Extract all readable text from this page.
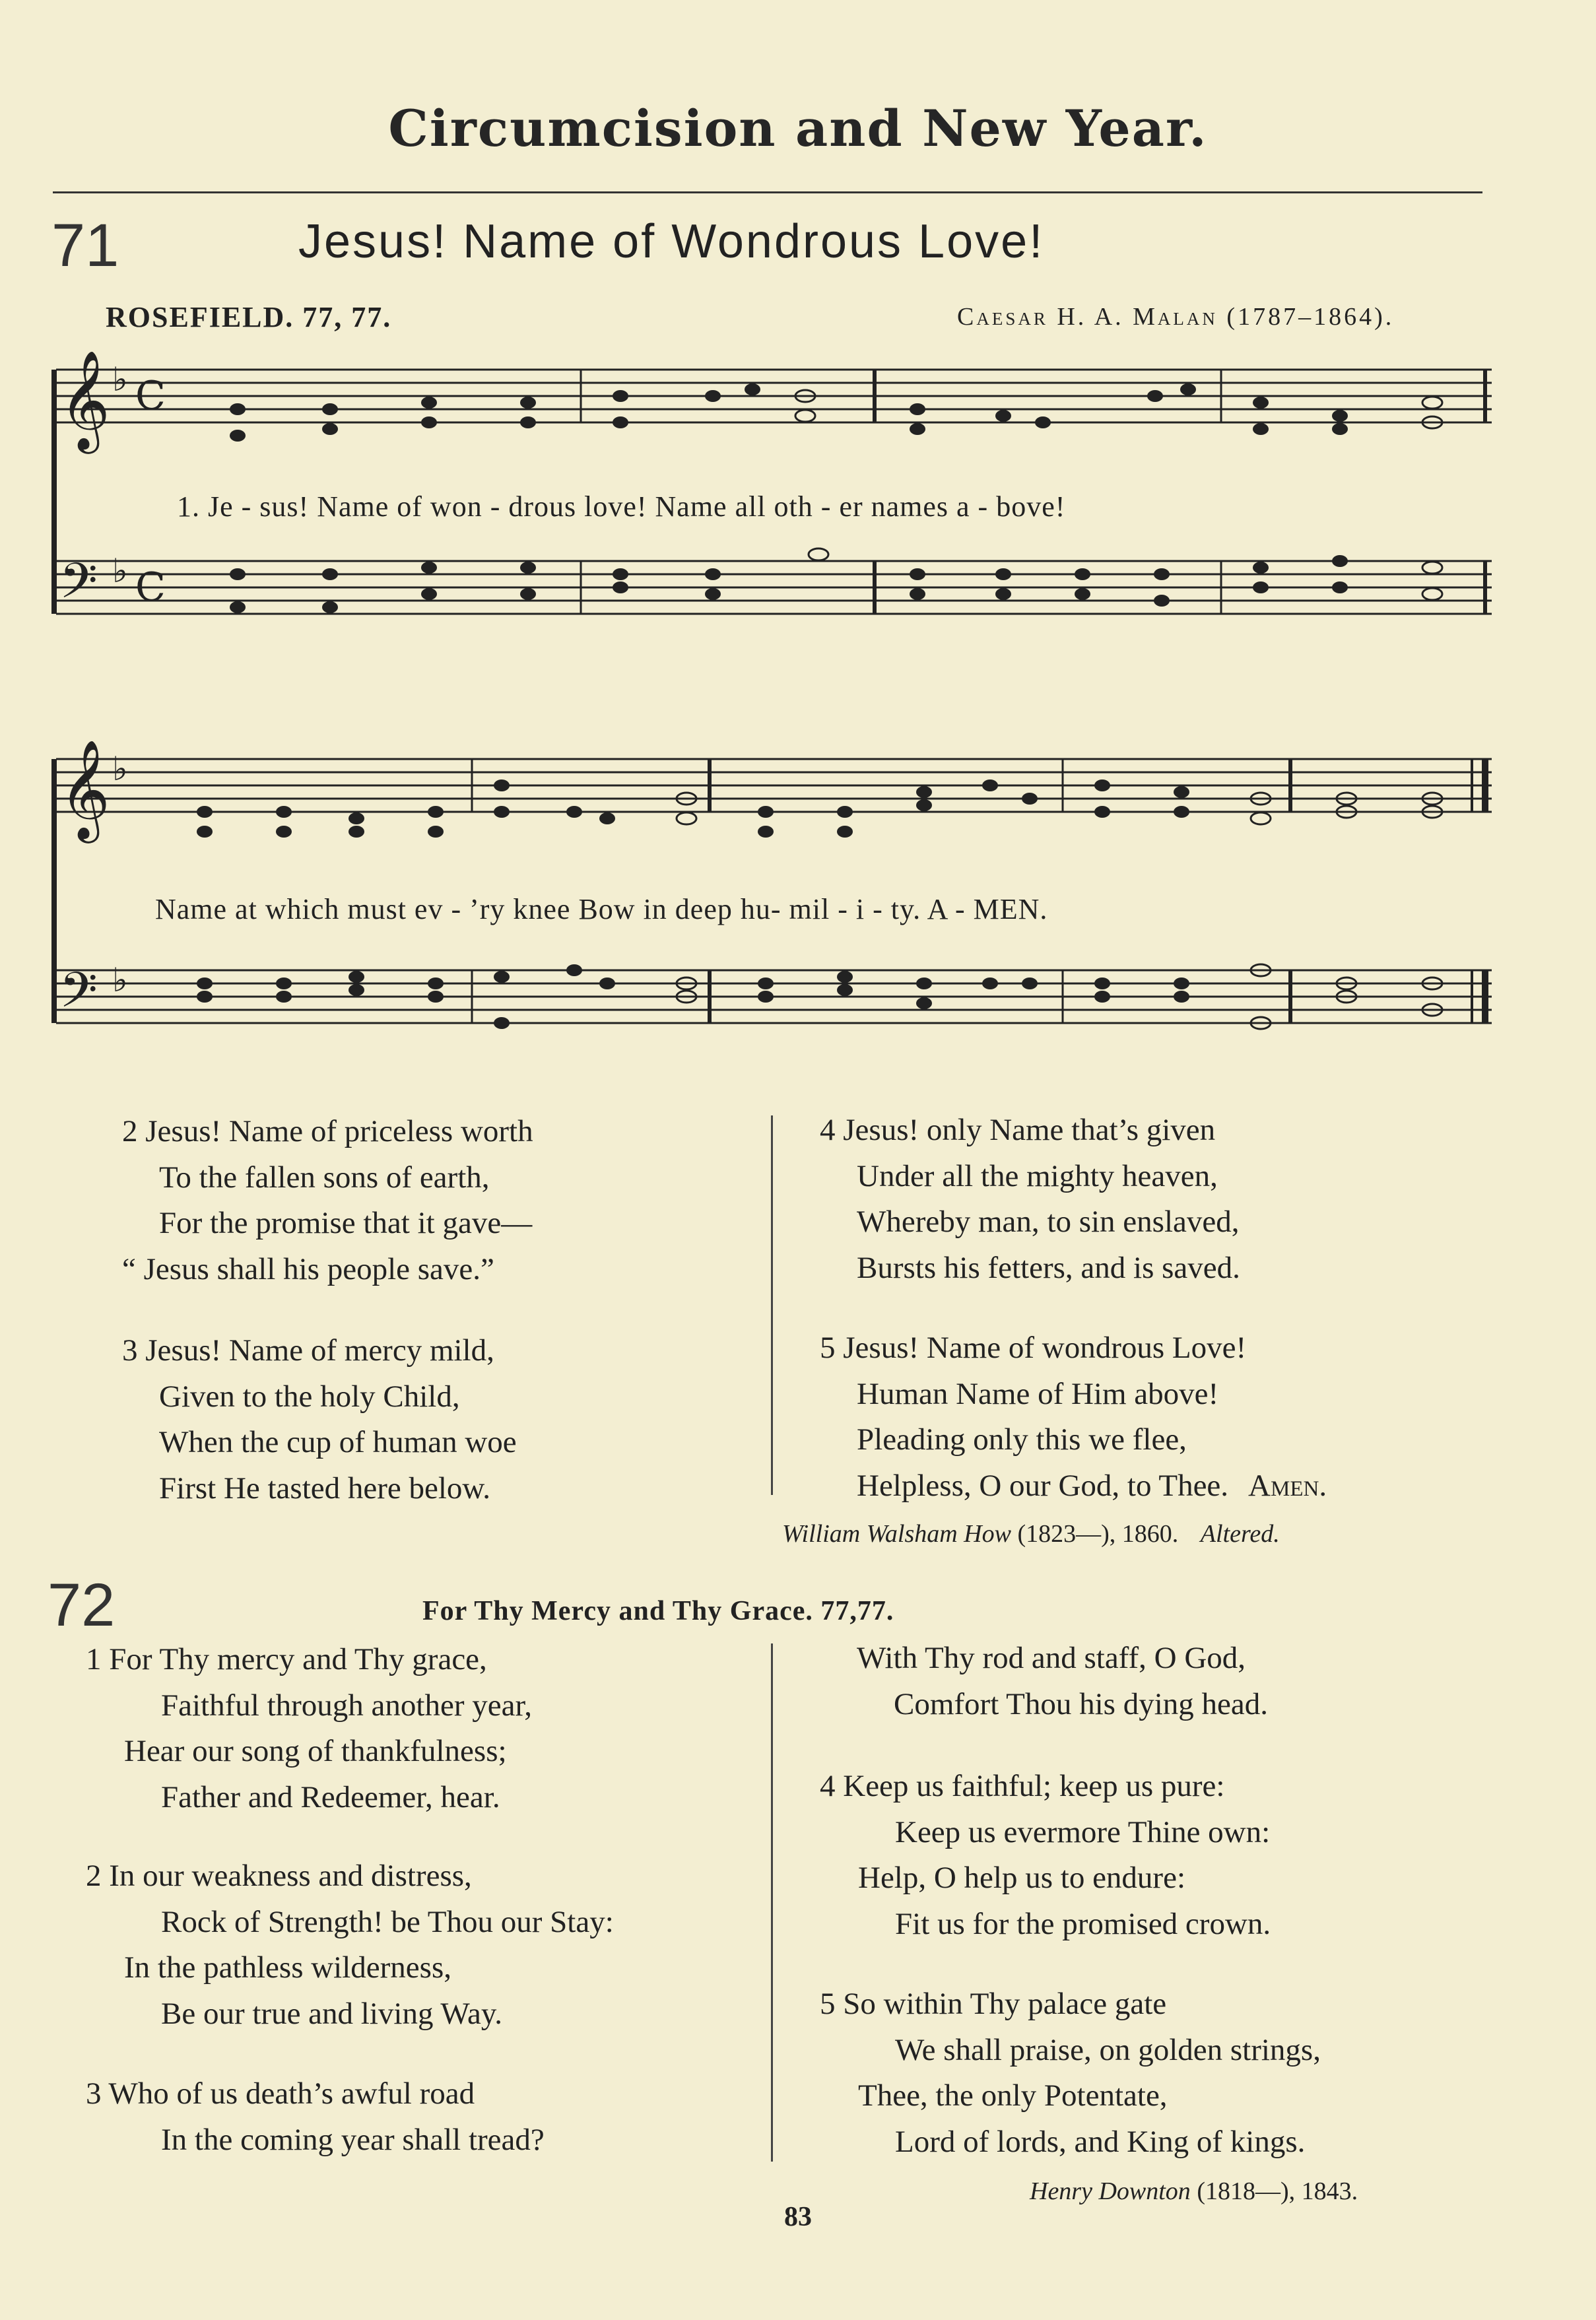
Circumcision and New Year.
71	Jesus! Name of Wondrous Love!
ROSEFIELD. 77, 77.	Caesar H. A. Malan (1787–1864).
𝄞
𝄢
♭
♭
C
C
1. Je - sus! Name of won - drous love! Name all oth - er names a - bove!
𝄞
𝄢
♭
♭
Name at which must ev - ’ry knee Bow in deep hu- mil - i - ty. A - MEN.
2 Jesus! Name of priceless worth
To the fallen sons of earth,
For the promise that it gave—
“ Jesus shall his people save.”
3 Jesus! Name of mercy mild,
Given to the holy Child,
When the cup of human woe
First He tasted here below.
4 Jesus! only Name that’s given
Under all the mighty heaven,
Whereby man, to sin enslaved,
Bursts his fetters, and is saved.
5 Jesus! Name of wondrous Love!
Human Name of Him above!
Pleading only this we flee,
Helpless, O our God, to Thee. Amen.
William Walsham How (1823—), 1860. Altered.
72	For Thy Mercy and Thy Grace. 77,77.
1 For Thy mercy and Thy grace,
Faithful through another year,
Hear our song of thankfulness;
Father and Redeemer, hear.
2 In our weakness and distress,
Rock of Strength! be Thou our Stay:
In the pathless wilderness,
Be our true and living Way.
3 Who of us death’s awful road
In the coming year shall tread?
With Thy rod and staff, O God,
Comfort Thou his dying head.
4 Keep us faithful; keep us pure:
Keep us evermore Thine own:
Help, O help us to endure:
Fit us for the promised crown.
5 So within Thy palace gate
We shall praise, on golden strings,
Thee, the only Potentate,
Lord of lords, and King of kings.
Henry Downton (1818—), 1843.
83
